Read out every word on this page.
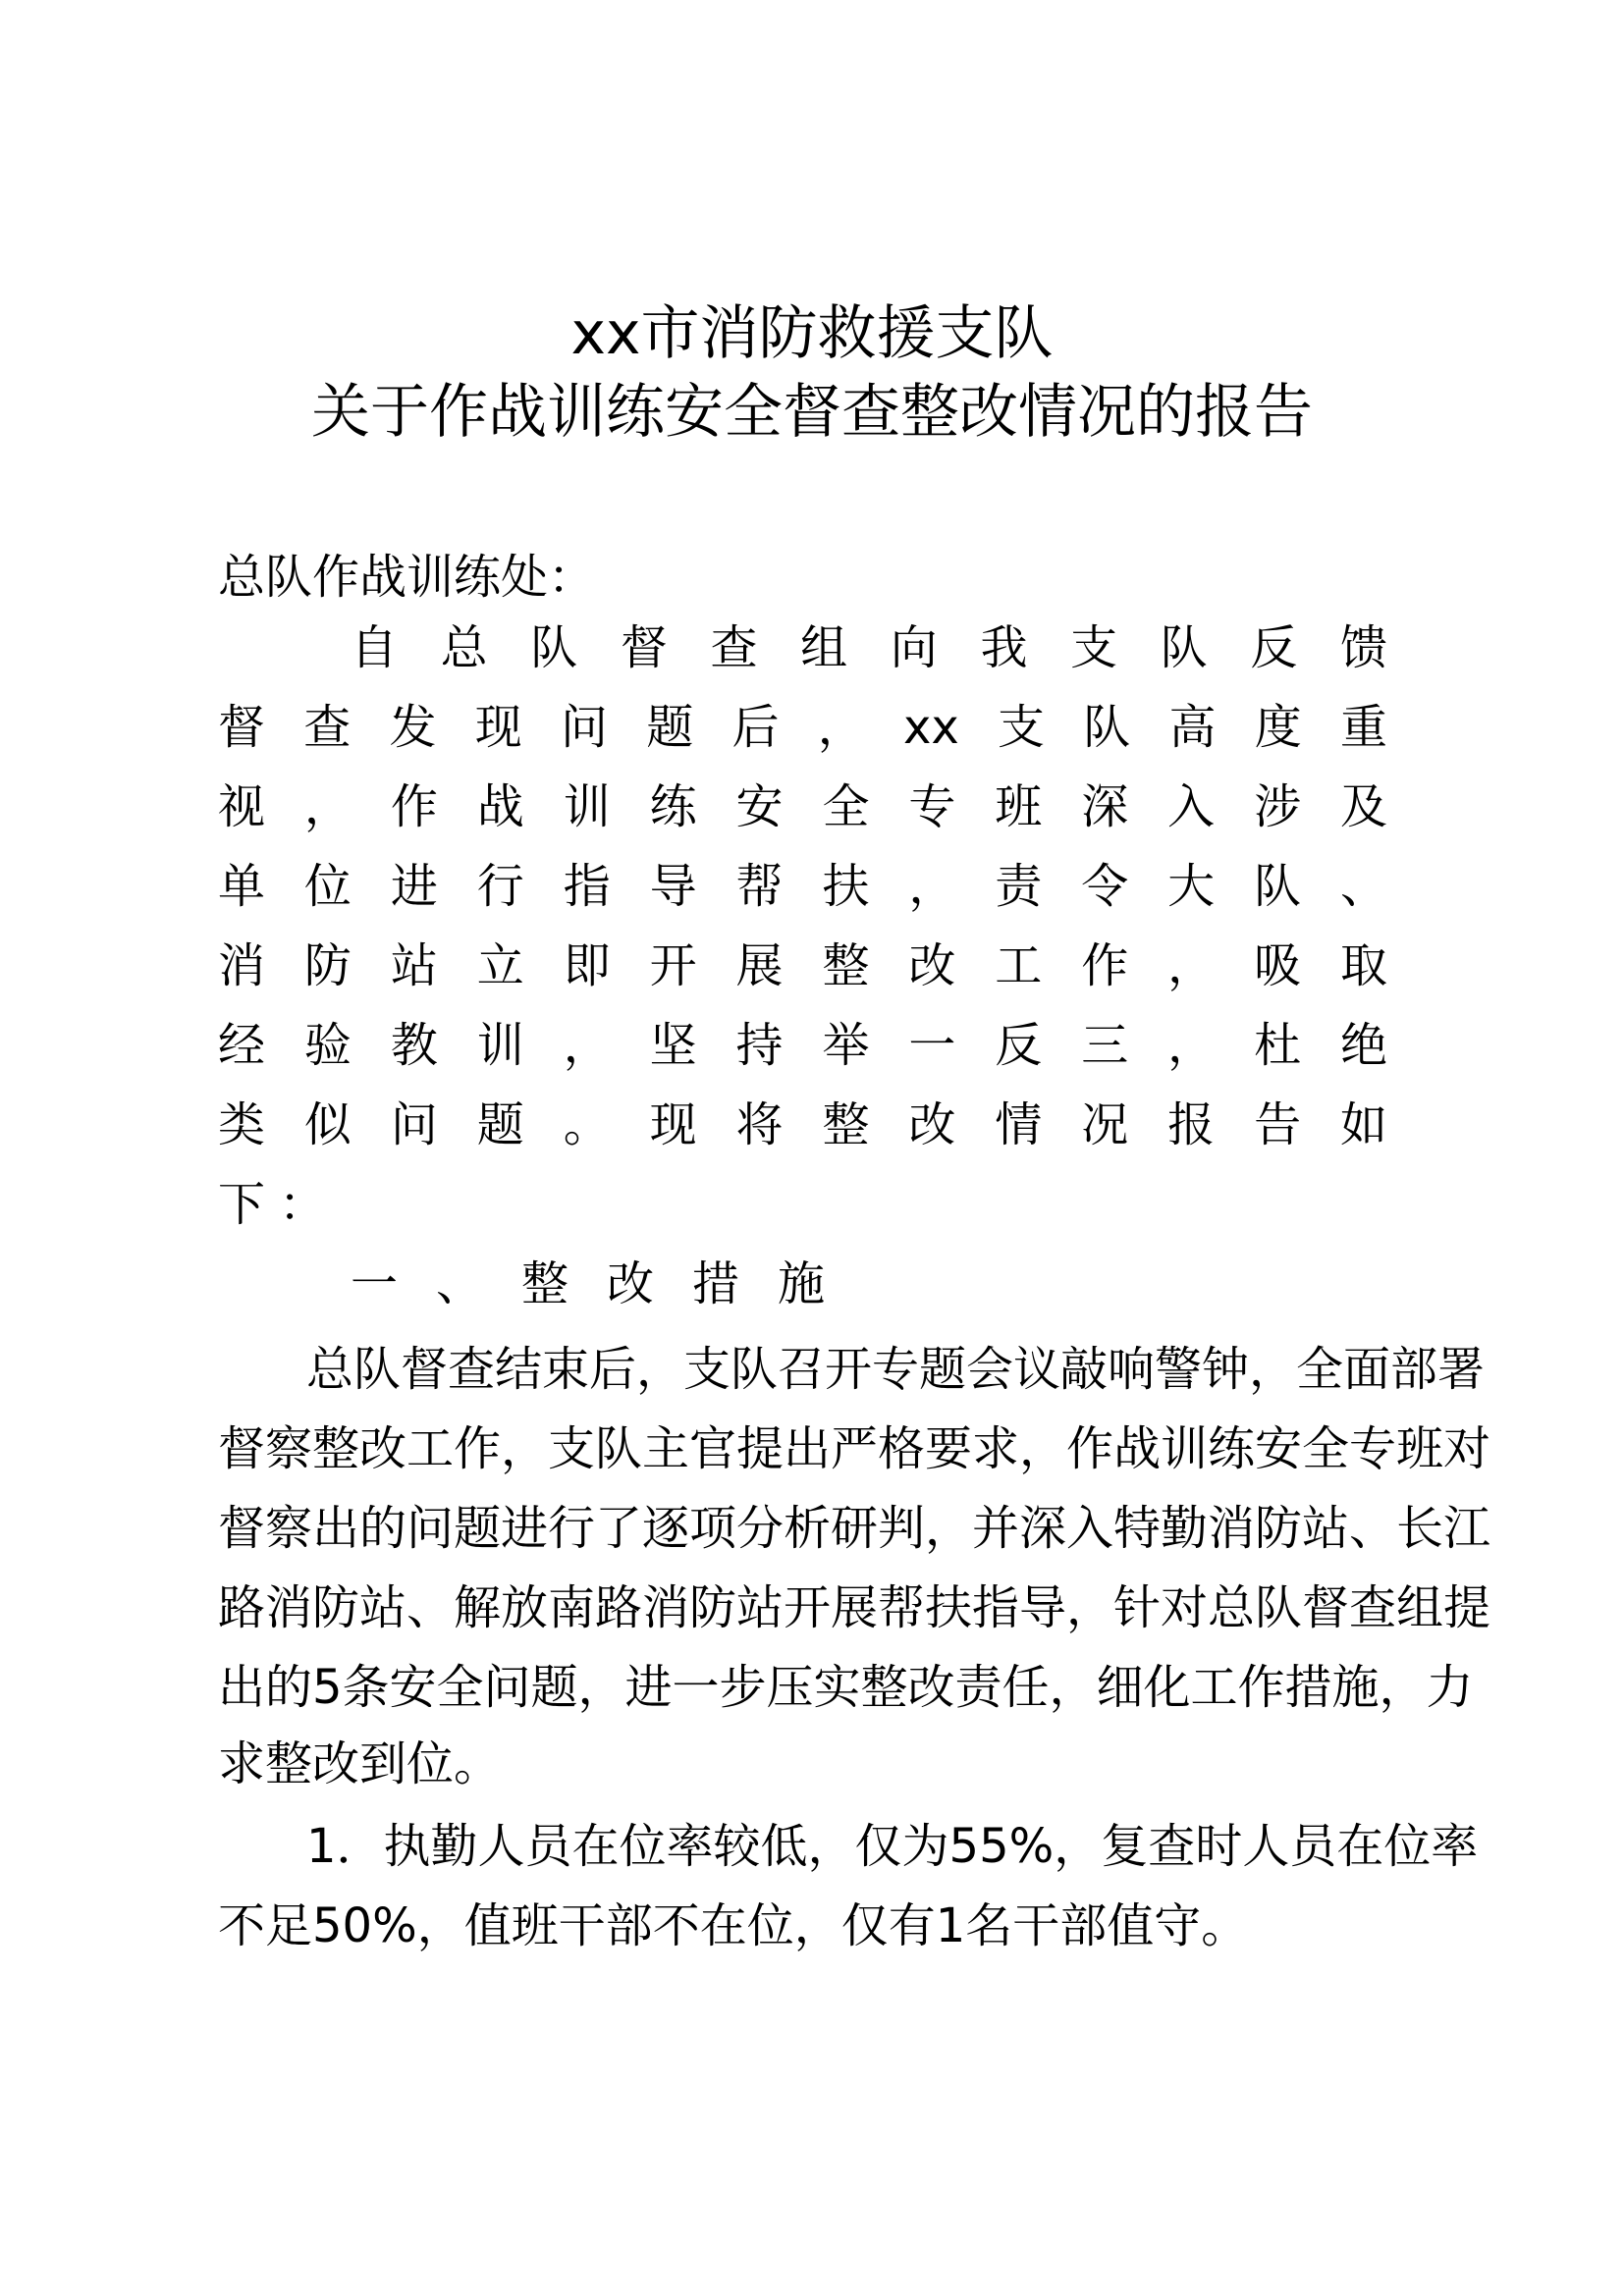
xx市消防救援支队
关于作战训练安全督查整改情况的报告
总队作战训练处：
自总队督查组向我支队反馈
督查发现问题后，xx支队高度重
视，作战训练安全专班深入涉及
单位进行指导帮扶，责令大队、
消防站立即开展整改工作，吸取
经验教训，坚持举一反三，杜绝
类似问题。现将整改情况报告如
下：
一、整改措施
总队督查结束后，支队召开专题会议敲响警钟，全面部署
督察整改工作，支队主官提出严格要求，作战训练安全专班对
督察出的问题进行了逐项分析研判，并深入特勤消防站、长江
路消防站、解放南路消防站开展帮扶指导，针对总队督查组提
出的5条安全问题，进一步压实整改责任，细化工作措施，力
求整改到位。
1．执勤人员在位率较低，仅为55%，复查时人员在位率
不足50%，值班干部不在位，仅有1名干部值守。
